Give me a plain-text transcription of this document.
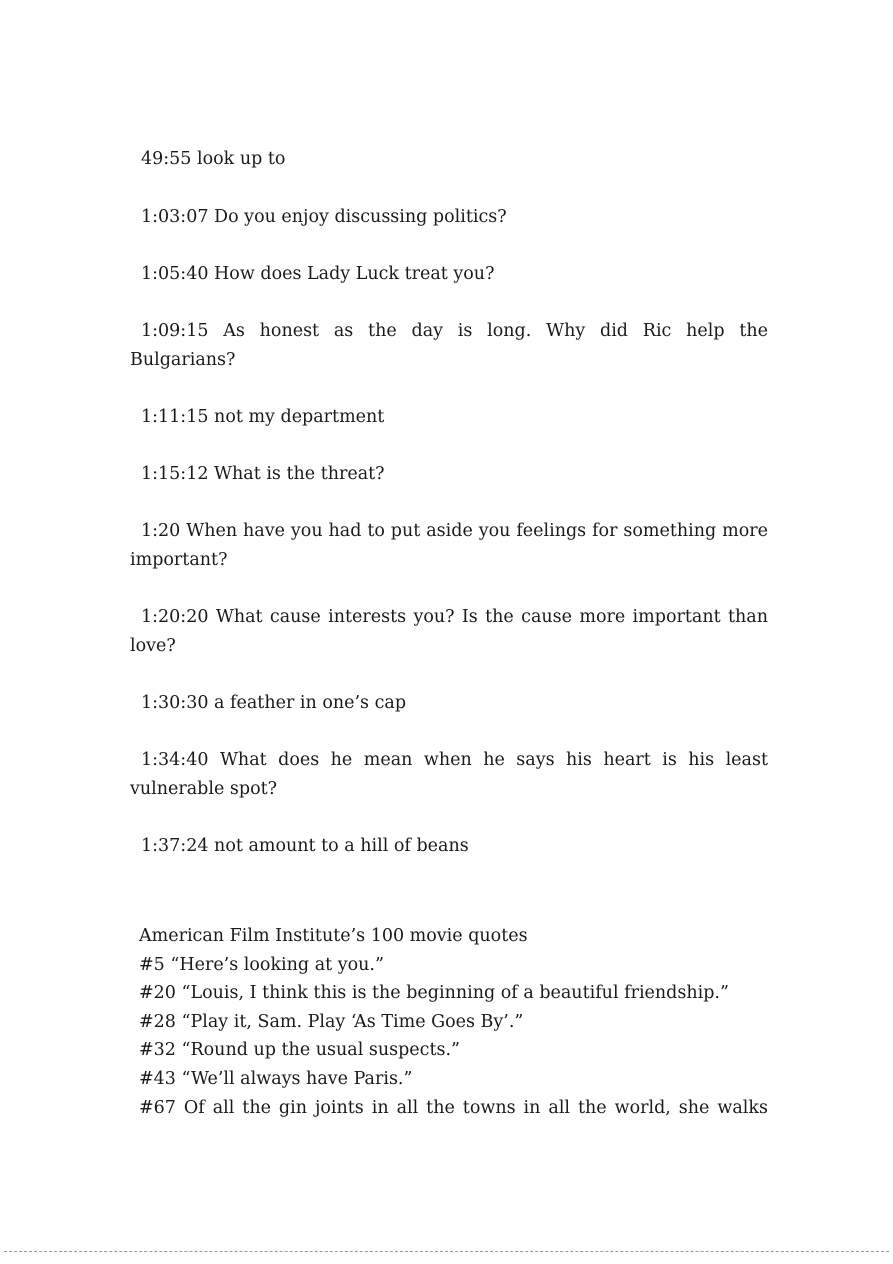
49:55 look up to

1:03:07 Do you enjoy discussing politics?

1:05:40 How does Lady Luck treat you?

1:09:15 As honest as the day is long. Why did Ric help the Bulgarians?

1:11:15 not my department

1:15:12 What is the threat?

1:20 When have you had to put aside you feelings for something more important?

1:20:20 What cause interests you? Is the cause more important than love?

1:30:30 a feather in one’s cap

1:34:40 What does he mean when he says his heart is his least vulnerable spot?

1:37:24 not amount to a hill of beans

American Film Institute’s 100 movie quotes
#5 “Here’s looking at you.”
#20 “Louis, I think this is the beginning of a beautiful friendship.”
#28 “Play it, Sam. Play ‘As Time Goes By’.”
#32 “Round up the usual suspects.”
#43 “We’ll always have Paris.”
#67 Of all the gin joints in all the towns in all the world, she walks
